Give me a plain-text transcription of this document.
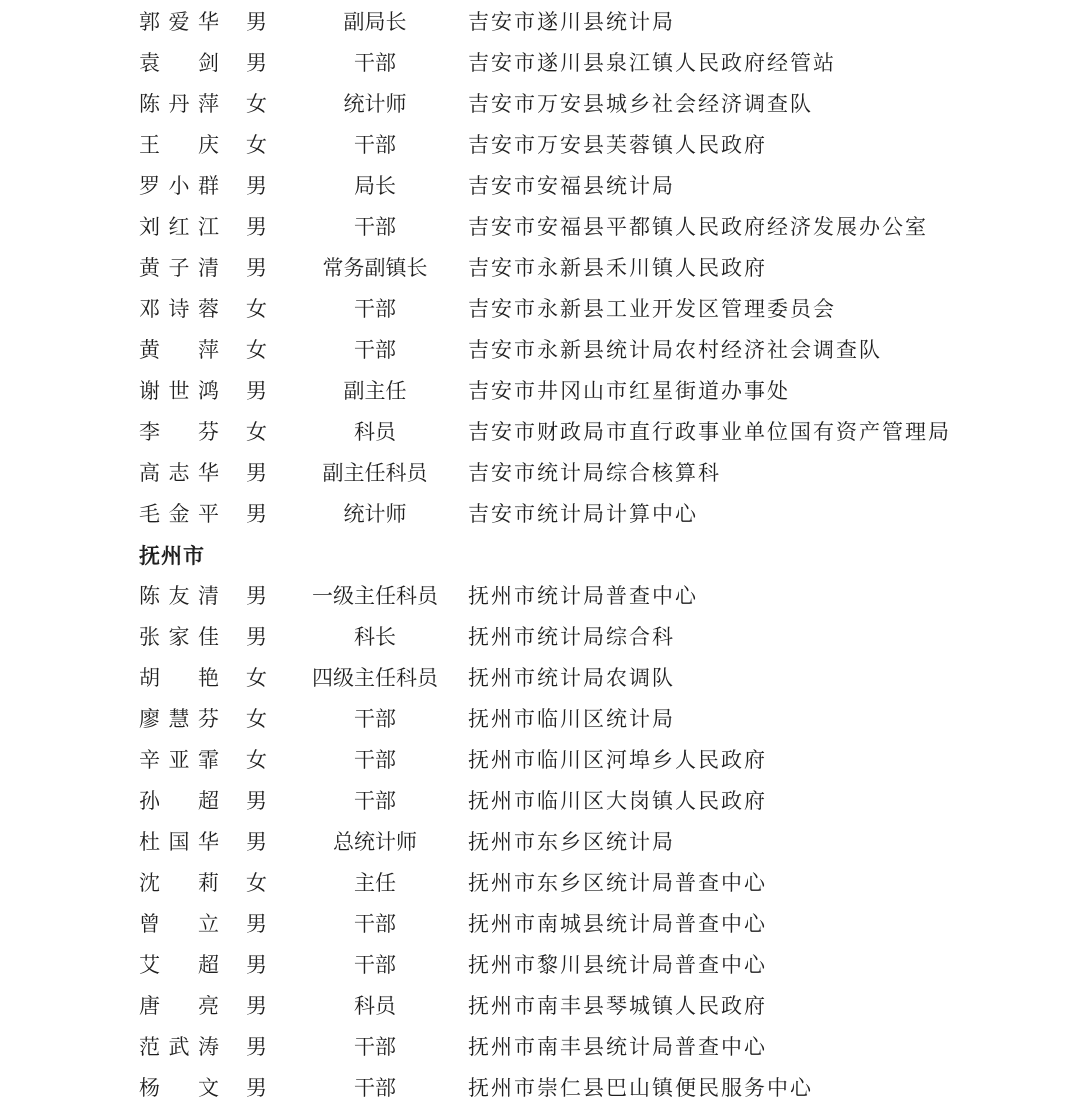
郭 爱 华 男	副局长	吉安市遂川县统计局
袁 剑 男	干部	吉安市遂川县泉江镇人民政府经管站
陈 丹 萍 女	统计师	吉安市万安县城乡社会经济调查队
王 庆 女	干部	吉安市万安县芙蓉镇人民政府
罗 小 群 男	局长	吉安市安福县统计局
刘 红 江 男	干部	吉安市安福县平都镇人民政府经济发展办公室
黄 子 清 男	常务副镇长	吉安市永新县禾川镇人民政府
邓 诗 蓉 女	干部	吉安市永新县工业开发区管理委员会
黄 萍 女	干部	吉安市永新县统计局农村经济社会调查队
谢 世 鸿 男	副主任	吉安市井冈山市红星街道办事处
李 芬 女	科员	吉安市财政局市直行政事业单位国有资产管理局
高 志 华 男	副主任科员	吉安市统计局综合核算科
毛 金 平 男	统计师	吉安市统计局计算中心
抚州市
陈 友 清 男	一级主任科员	抚州市统计局普查中心
张 家 佳 男	科长	抚州市统计局综合科
胡 艳 女	四级主任科员	抚州市统计局农调队
廖 慧 芬 女	干部	抚州市临川区统计局
辛 亚 霏 女	干部	抚州市临川区河埠乡人民政府
孙 超 男	干部	抚州市临川区大岗镇人民政府
杜 国 华 男	总统计师	抚州市东乡区统计局
沈 莉 女	主任	抚州市东乡区统计局普查中心
曾 立 男	干部	抚州市南城县统计局普查中心
艾 超 男	干部	抚州市黎川县统计局普查中心
唐 亮 男	科员	抚州市南丰县琴城镇人民政府
范 武 涛 男	干部	抚州市南丰县统计局普查中心
杨 文 男	干部	抚州市崇仁县巴山镇便民服务中心
